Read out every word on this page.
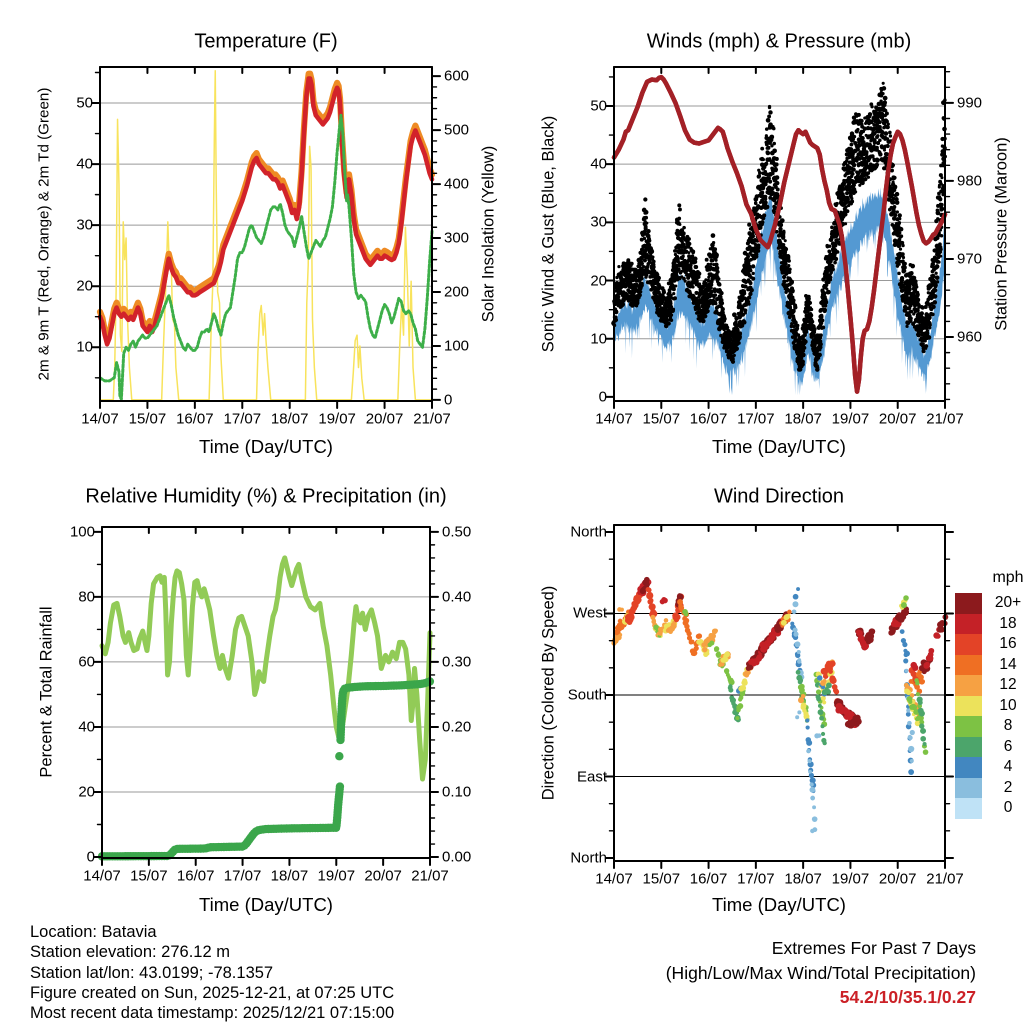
Temperature (F)	Winds (mph) & Pressure (mb)
Relative Humidity (%) & Precipitation (in)	Wind Direction
2m & 9m T (Red, Orange) & 2m Td (Green)	Solar Insolation (Yellow)	Sonic Wind & Gust (Blue, Black)	Station Pressure (Maroon)
Percent & Total Rainfall	Direction (Colored By Speed)
Time (Day/UTC)	Time (Day/UTC)
Time (Day/UTC)	Time (Day/UTC)
mph
20+
18
16
14
12
10
8
6
4
2
0
14/07 15/07 16/07 17/07 18/07 19/07 20/07 21/07
10
20
30
40
50
0
100
200
300
400
500
600
14/07 15/07 16/07 17/07 18/07 19/07 20/07 21/07
0
10
20
30
40
50
960
970
980
990
14/07 15/07 16/07 17/07 18/07 19/07 20/07 21/07
0
20
40
60
80
100
0.00
0.10
0.20
0.30
0.40
0.50
14/07 15/07 16/07 17/07 18/07 19/07 20/07 21/07
North
West
South
East
North
Location: Batavia
Station elevation: 276.12 m
Station lat/lon: 43.0199; -78.1357
Figure created on Sun, 2025-12-21, at 07:25 UTC
Most recent data timestamp: 2025/12/21 07:15:00
Extremes For Past 7 Days
(High/Low/Max Wind/Total Precipitation)
54.2/10/35.1/0.27
